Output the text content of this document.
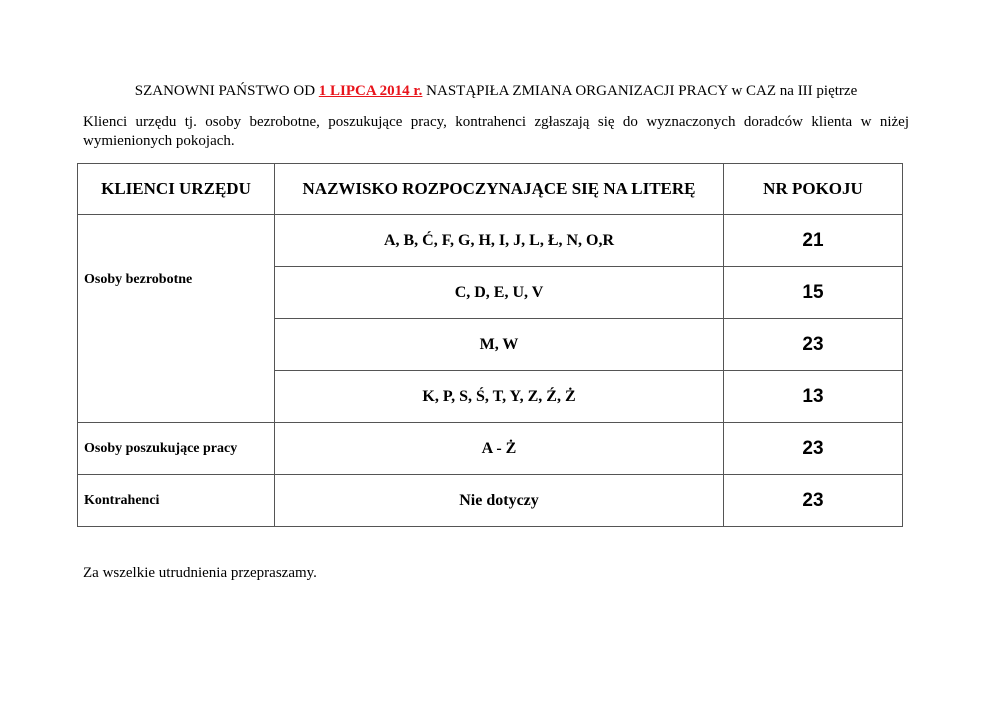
SZANOWNI PAŃSTWO OD 1 LIPCA 2014 r. NASTĄPIŁA ZMIANA ORGANIZACJI PRACY w CAZ na III piętrze
Klienci urzędu tj. osoby bezrobotne, poszukujące pracy, kontrahenci zgłaszają się do wyznaczonych doradców klienta w niżej wymienionych pokojach.
KLIENCI URZĘDU	NAZWISKO ROZPOCZYNAJĄCE SIĘ NA LITERĘ	NR POKOJU

Osoby bezrobotne	A, B, Ć, F, G, H, I, J, L, Ł, N, O,R	21
	C, D, E, U, V	15
	M, W	23
	K, P, S, Ś, T, Y, Z, Ź, Ż	13
Osoby poszukujące pracy	A - Ż	23
Kontrahenci	Nie dotyczy	23
Za wszelkie utrudnienia przepraszamy.
